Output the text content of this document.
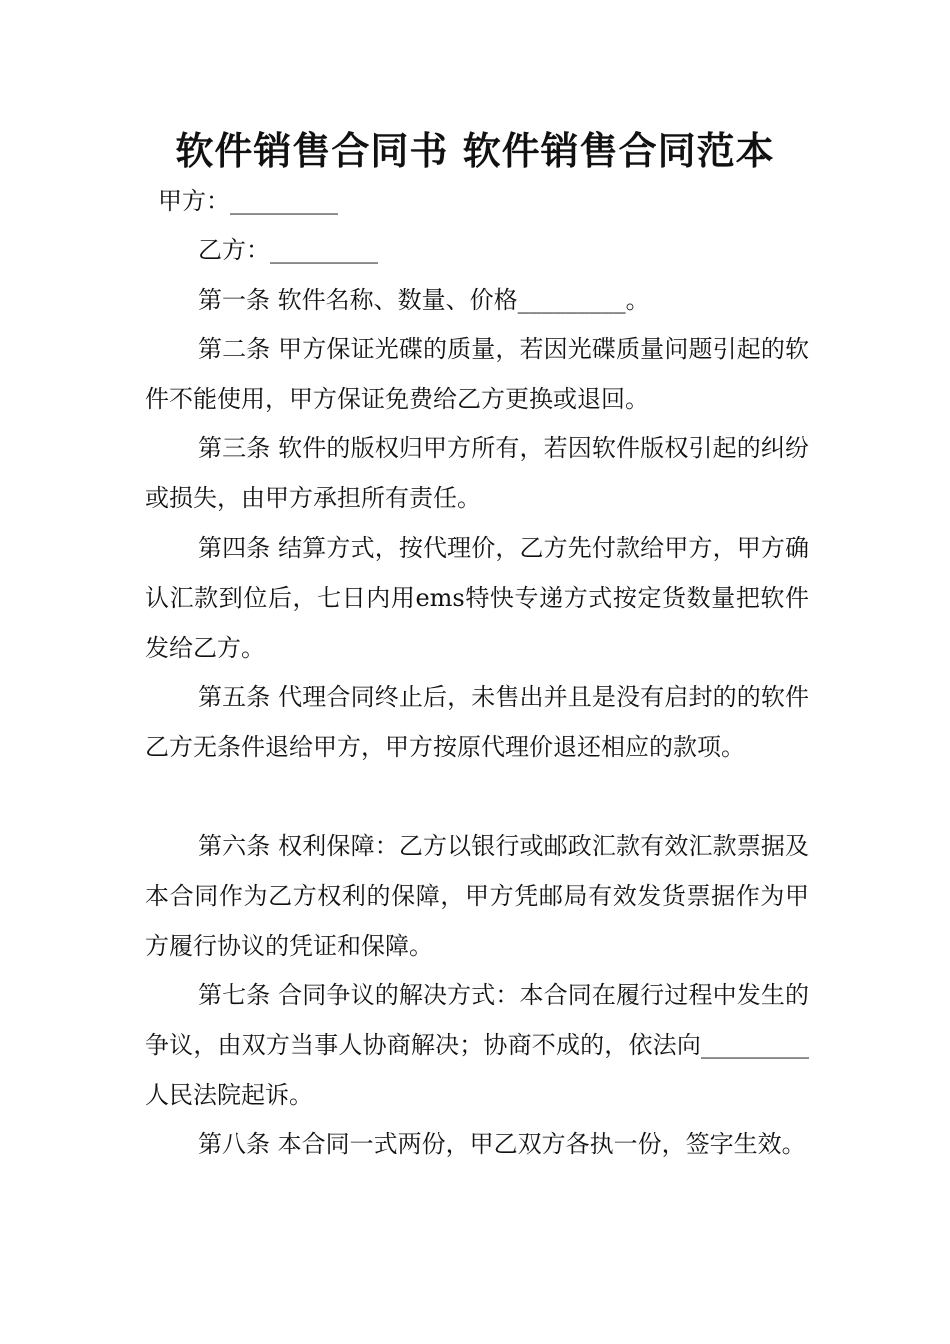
软件销售合同书 软件销售合同范本
甲方：_________
乙方：_________
第一条 软件名称、数量、价格_________。
第二条 甲方保证光碟的质量，若因光碟质量问题引起的软件不能使用，甲方保证免费给乙方更换或退回。
第三条 软件的版权归甲方所有，若因软件版权引起的纠纷或损失，由甲方承担所有责任。
第四条 结算方式，按代理价，乙方先付款给甲方，甲方确认汇款到位后，七日内用ems特快专递方式按定货数量把软件发给乙方。
第五条 代理合同终止后，未售出并且是没有启封的的软件乙方无条件退给甲方，甲方按原代理价退还相应的款项。
第六条 权利保障：乙方以银行或邮政汇款有效汇款票据及本合同作为乙方权利的保障，甲方凭邮局有效发货票据作为甲方履行协议的凭证和保障。
第七条 合同争议的解决方式：本合同在履行过程中发生的争议，由双方当事人协商解决；协商不成的，依法向_________人民法院起诉。
第八条 本合同一式两份，甲乙双方各执一份，签字生效。
